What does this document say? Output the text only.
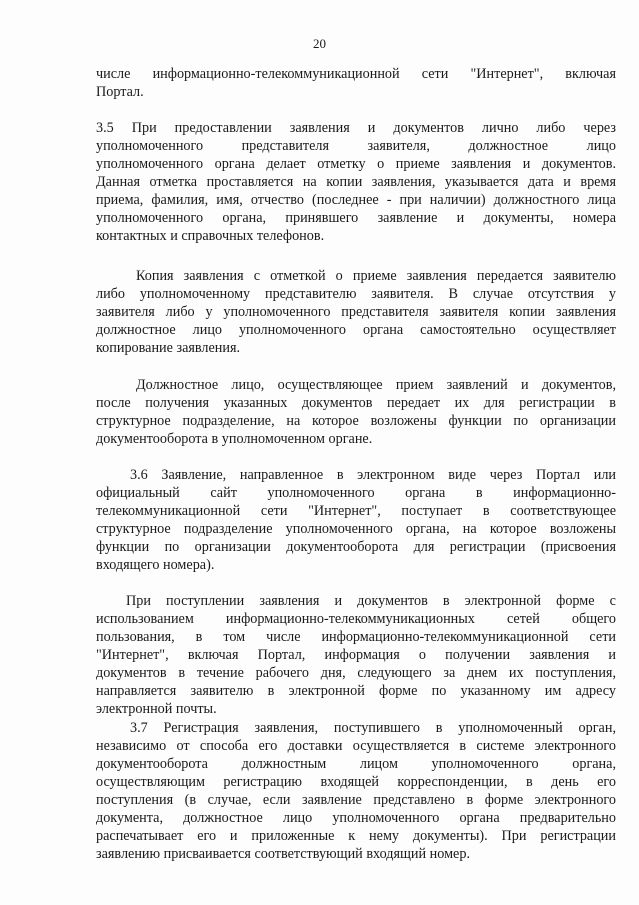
20
числе информационно-телекоммуникационной сети "Интернет", включая
Портал.
3.5 При предоставлении заявления и документов лично либо через
уполномоченного представителя заявителя, должностное лицо
уполномоченного органа делает отметку о приеме заявления и документов.
Данная отметка проставляется на копии заявления, указывается дата и время
приема, фамилия, имя, отчество (последнее - при наличии) должностного лица
уполномоченного органа, принявшего заявление и документы, номера
контактных и справочных телефонов.
Копия заявления с отметкой о приеме заявления передается заявителю
либо уполномоченному представителю заявителя. В случае отсутствия у
заявителя либо у уполномоченного представителя заявителя копии заявления
должностное лицо уполномоченного органа самостоятельно осуществляет
копирование заявления.
Должностное лицо, осуществляющее прием заявлений и документов,
после получения указанных документов передает их для регистрации в
структурное подразделение, на которое возложены функции по организации
документооборота в уполномоченном органе.
3.6 Заявление, направленное в электронном виде через Портал или
официальный сайт уполномоченного органа в информационно-
телекоммуникационной сети "Интернет", поступает в соответствующее
структурное подразделение уполномоченного органа, на которое возложены
функции по организации документооборота для регистрации (присвоения
входящего номера).
При поступлении заявления и документов в электронной форме с
использованием информационно-телекоммуникационных сетей общего
пользования, в том числе информационно-телекоммуникационной сети
"Интернет", включая Портал, информация о получении заявления и
документов в течение рабочего дня, следующего за днем их поступления,
направляется заявителю в электронной форме по указанному им адресу
электронной почты.
3.7 Регистрация заявления, поступившего в уполномоченный орган,
независимо от способа его доставки осуществляется в системе электронного
документооборота должностным лицом уполномоченного органа,
осуществляющим регистрацию входящей корреспонденции, в день его
поступления (в случае, если заявление представлено в форме электронного
документа, должностное лицо уполномоченного органа предварительно
распечатывает его и приложенные к нему документы). При регистрации
заявлению присваивается соответствующий входящий номер.
